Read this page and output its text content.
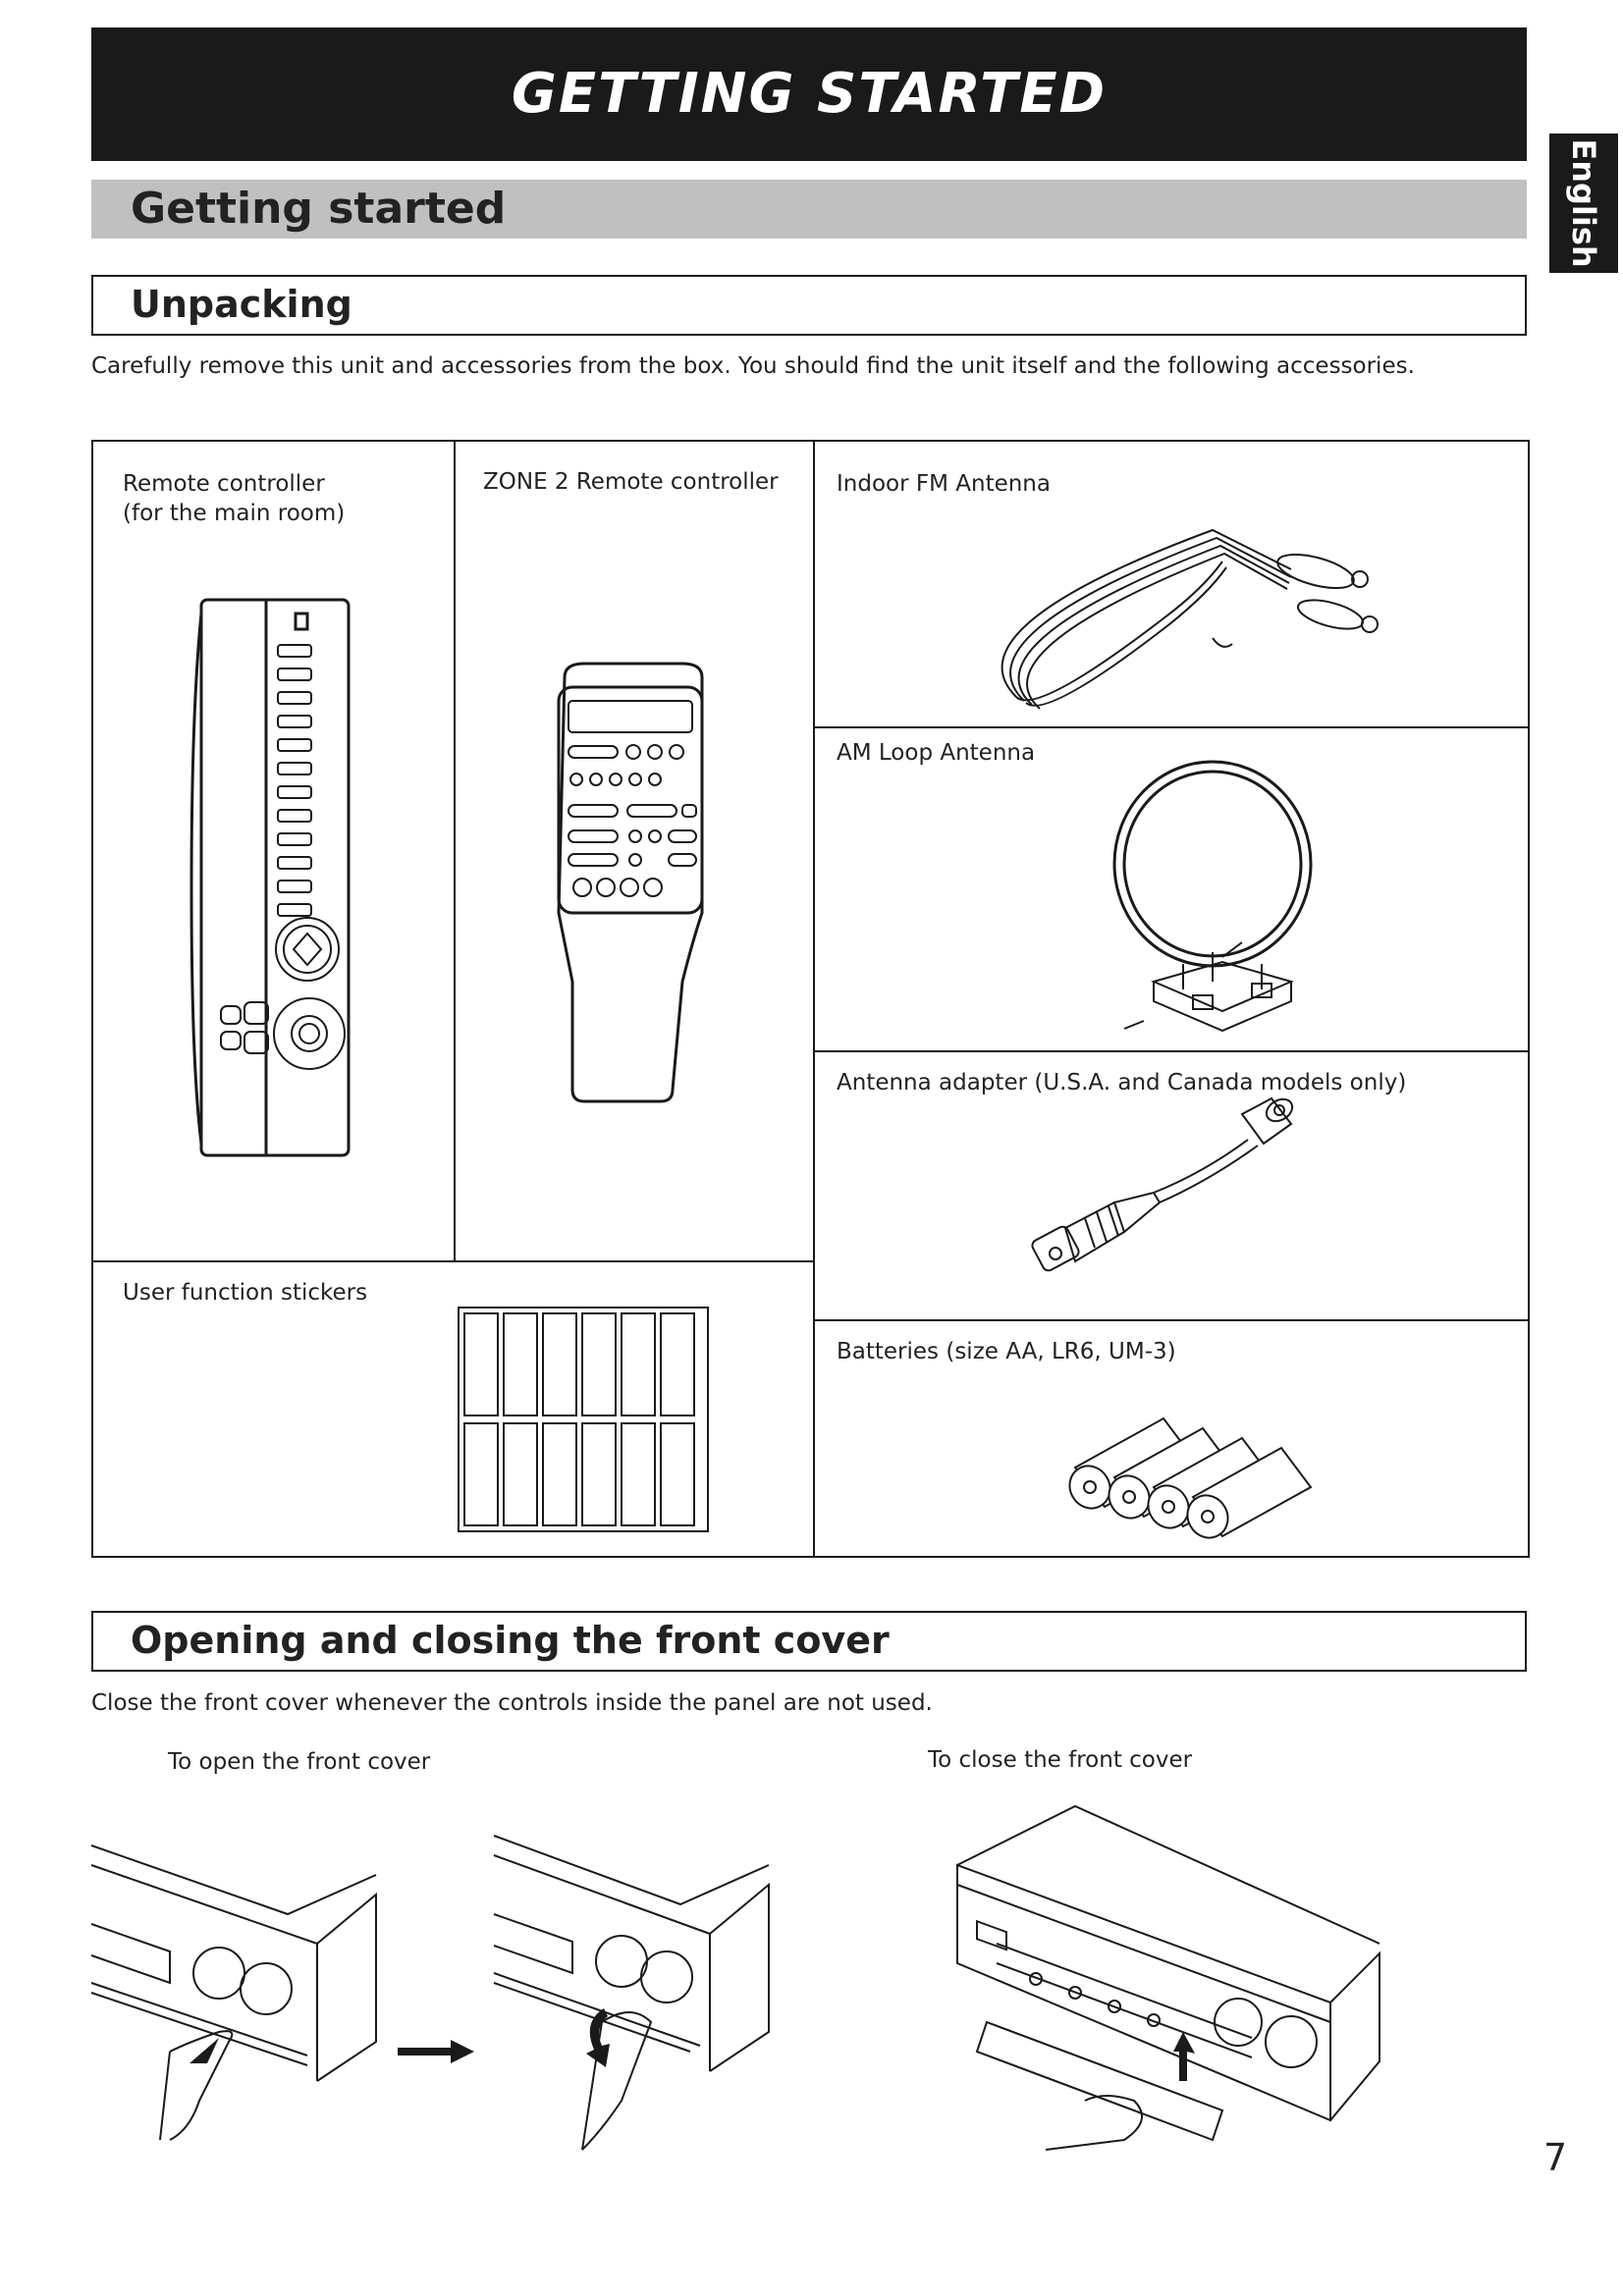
GETTING STARTED
English
Getting started
Unpacking
Carefully remove this unit and accessories from the box. You should find the unit itself and the following accessories.
Remote controller
(for the main room)
ZONE 2 Remote controller	Indoor FM Antenna
AM Loop Antenna
Antenna adapter (U.S.A. and Canada models only)
User function stickers
Batteries (size AA, LR6, UM-3)
Opening and closing the front cover
Close the front cover whenever the controls inside the panel are not used.
To open the front cover	To close the front cover
7
